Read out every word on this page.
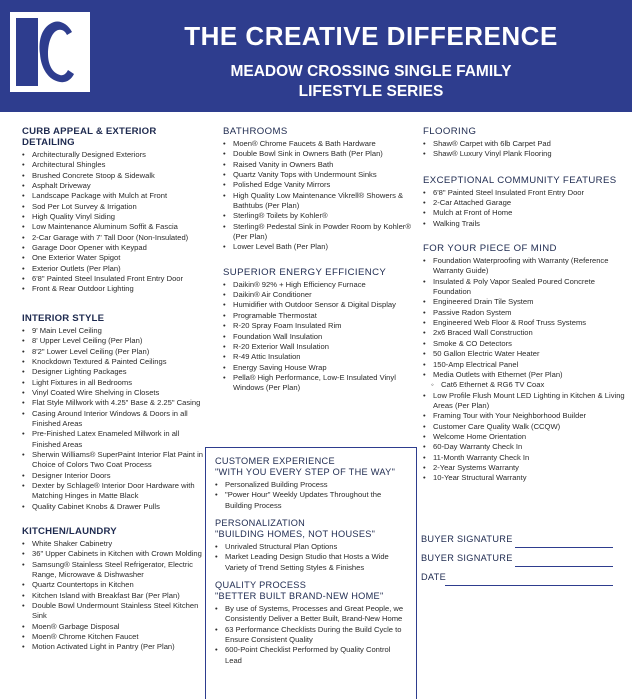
THE CREATIVE DIFFERENCE
MEADOW CROSSING SINGLE FAMILY
LIFESTYLE SERIES
CURB APPEAL & EXTERIOR DETAILING
• Architecturally Designed Exteriors
• Architectural Shingles
• Brushed Concrete Stoop & Sidewalk
• Asphalt Driveway
• Landscape Package with Mulch at Front
• Sod Per Lot Survey & Irrigation
• High Quality Vinyl Siding
• Low Maintenance Aluminum Soffit & Fascia
• 2-Car Garage with 7' Tall Door (Non-Insulated)
• Garage Door Opener with Keypad
• One Exterior Water Spigot
• Exterior Outlets (Per Plan)
• 6'8" Painted Steel Insulated Front Entry Door
• Front & Rear Outdoor Lighting
INTERIOR STYLE
• 9' Main Level Ceiling
• 8' Upper Level Ceiling (Per Plan)
• 8'2" Lower Level Ceiling (Per Plan)
• Knockdown Textured & Painted Ceilings
• Designer Lighting Packages
• Light Fixtures in all Bedrooms
• Vinyl Coated Wire Shelving in Closets
• Flat Style Millwork with 4.25" Base & 2.25" Casing
• Casing Around Interior Windows & Doors in all Finished Areas
• Pre-Finished Latex Enameled Millwork in all Finished Areas
• Sherwin Williams® SuperPaint Interior Flat Paint in Choice of Colors Two Coat Process
• Designer Interior Doors
• Dexter by Schlage® Interior Door Hardware with Matching Hinges in Matte Black
• Quality Cabinet Knobs & Drawer Pulls
KITCHEN/LAUNDRY
• White Shaker Cabinetry
• 36" Upper Cabinets in Kitchen with Crown Molding
• Samsung® Stainless Steel Refrigerator, Electric Range, Microwave & Dishwasher
• Quartz Countertops in Kitchen
• Kitchen Island with Breakfast Bar (Per Plan)
• Double Bowl Undermount Stainless Steel Kitchen Sink
• Moen® Garbage Disposal
• Moen® Chrome Kitchen Faucet
• Motion Activated Light in Pantry (Per Plan)
BATHROOMS
• Moen® Chrome Faucets & Bath Hardware
• Double Bowl Sink in Owners Bath (Per Plan)
• Raised Vanity in Owners Bath
• Quartz Vanity Tops with Undermount Sinks
• Polished Edge Vanity Mirrors
• High Quality Low Maintenance Vikrell® Showers & Bathtubs (Per Plan)
• Sterling® Toilets by Kohler®
• Sterling® Pedestal Sink in Powder Room by Kohler® (Per Plan)
• Lower Level Bath (Per Plan)
SUPERIOR ENERGY EFFICIENCY
• Daikin® 92% + High Efficiency Furnace
• Daikin® Air Conditioner
• Humidifier with Outdoor Sensor & Digital Display
• Programable Thermostat
• R-20 Spray Foam Insulated Rim
• Foundation Wall Insulation
• R-20 Exterior Wall Insulation
• R-49 Attic Insulation
• Energy Saving House Wrap
• Pella® High Performance, Low-E Insulated Vinyl Windows (Per Plan)
CUSTOMER EXPERIENCE
"WITH YOU EVERY STEP OF THE WAY"
• Personalized Building Process
• "Power Hour" Weekly Updates Throughout the Building Process
PERSONALIZATION
"BUILDING HOMES, NOT HOUSES"
• Unrivaled Structural Plan Options
• Market Leading Design Studio that Hosts a Wide Variety of Trend Setting Styles & Finishes
QUALITY PROCESS
"BETTER BUILT BRAND-NEW HOME"
• By use of Systems, Processes and Great People, we Consistently Deliver a Better Built, Brand-New Home
• 63 Performance Checklists During the Build Cycle to Ensure Consistent Quality
• 600-Point Checklist Performed by Quality Control Lead
FLOORING
• Shaw® Carpet with 6lb Carpet Pad
• Shaw® Luxury Vinyl Plank Flooring
EXCEPTIONAL COMMUNITY FEATURES
• 6'8" Painted Steel Insulated Front Entry Door
• 2-Car Attached Garage
• Mulch at Front of Home
• Walking Trails
FOR YOUR PIECE OF MIND
• Foundation Waterproofing with Warranty (Reference Warranty Guide)
• Insulated & Poly Vapor Sealed Poured Concrete Foundation
• Engineered Drain Tile System
• Passive Radon System
• Engineered Web Floor & Roof Truss Systems
• 2x6 Braced Wall Construction
• Smoke & CO Detectors
• 50 Gallon Electric Water Heater
• 150-Amp Electrical Panel
• Media Outlets with Ethernet (Per Plan)
◦ Cat6 Ethernet & RG6 TV Coax
• Low Profile Flush Mount LED Lighting in Kitchen & Living Areas (Per Plan)
• Framing Tour with Your Neighborhood Builder
• Customer Care Quality Walk (CCQW)
• Welcome Home Orientation
• 60-Day Warranty Check In
• 11-Month Warranty Check In
• 2-Year Systems Warranty
• 10-Year Structural Warranty
BUYER SIGNATURE
BUYER SIGNATURE
DATE
